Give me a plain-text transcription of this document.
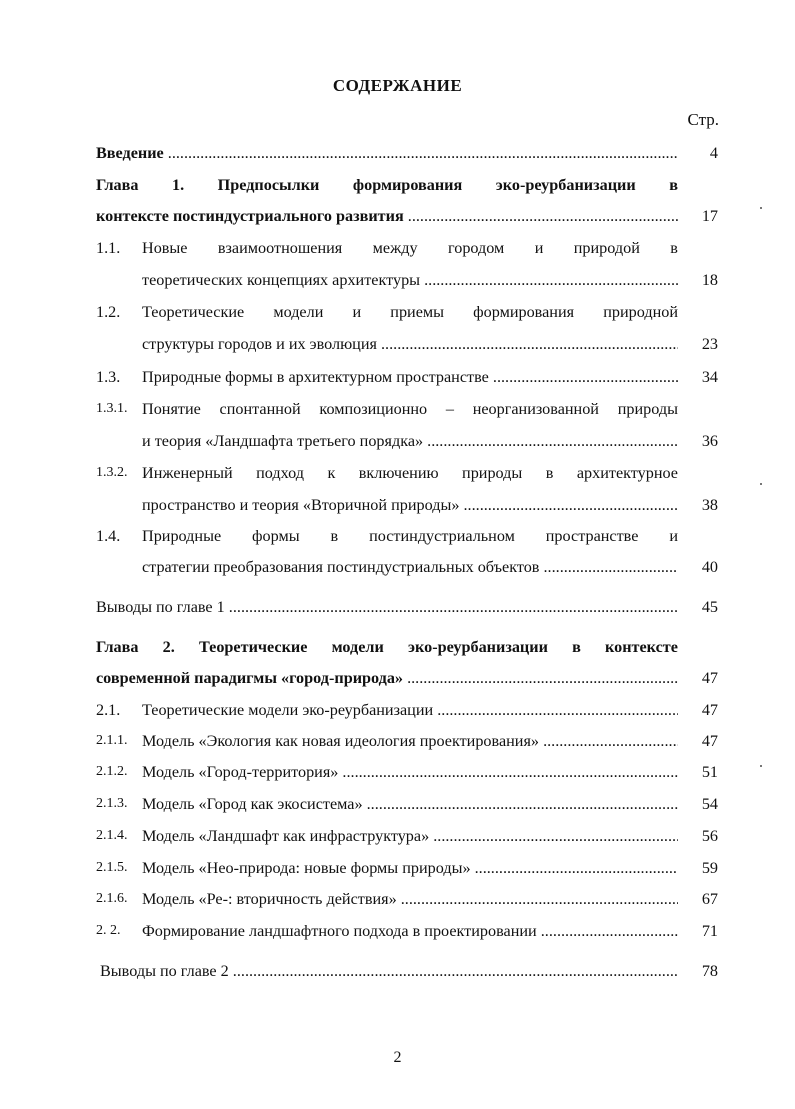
СОДЕРЖАНИЕ
Стр.
Введение .....	4
Глава 1. Предпосылки формирования эко-реурбанизации в
контексте постиндустриального развития .....	17
1.1.	Новые взаимоотношения между городом и природой в
теоретических концепциях архитектуры .....	18
1.2.	Теоретические модели и приемы формирования природной
структуры городов и их эволюция .....	23
1.3.	Природные формы в архитектурном пространстве .....	34
1.3.1. Понятие спонтанной композиционно – неорганизованной природы
и теория «Ландшафта третьего порядка» .....	36
1.3.2. Инженерный подход к включению природы в архитектурное
пространство и теория «Вторичной природы» .....	38
1.4.	Природные формы в постиндустриальном пространстве и
стратегии преобразования постиндустриальных объектов .....	40
Выводы по главе 1 .....	45
Глава 2. Теоретические модели эко-реурбанизации в контексте
современной парадигмы «город-природа» .....	47
2.1.	Теоретические модели эко-реурбанизации .....	47
2.1.1. Модель «Экология как новая идеология проектирования» .....	47
2.1.2. Модель «Город-территория» .....	51
2.1.3. Модель «Город как экосистема» .....	54
2.1.4. Модель «Ландшафт как инфраструктура» .....	56
2.1.5. Модель «Нео-природа: новые формы природы» .....	59
2.1.6. Модель «Ре-: вторичность действия» .....	67
2. 2.	Формирование ландшафтного подхода в проектировании .....	71
Выводы по главе 2 .....	78
2
